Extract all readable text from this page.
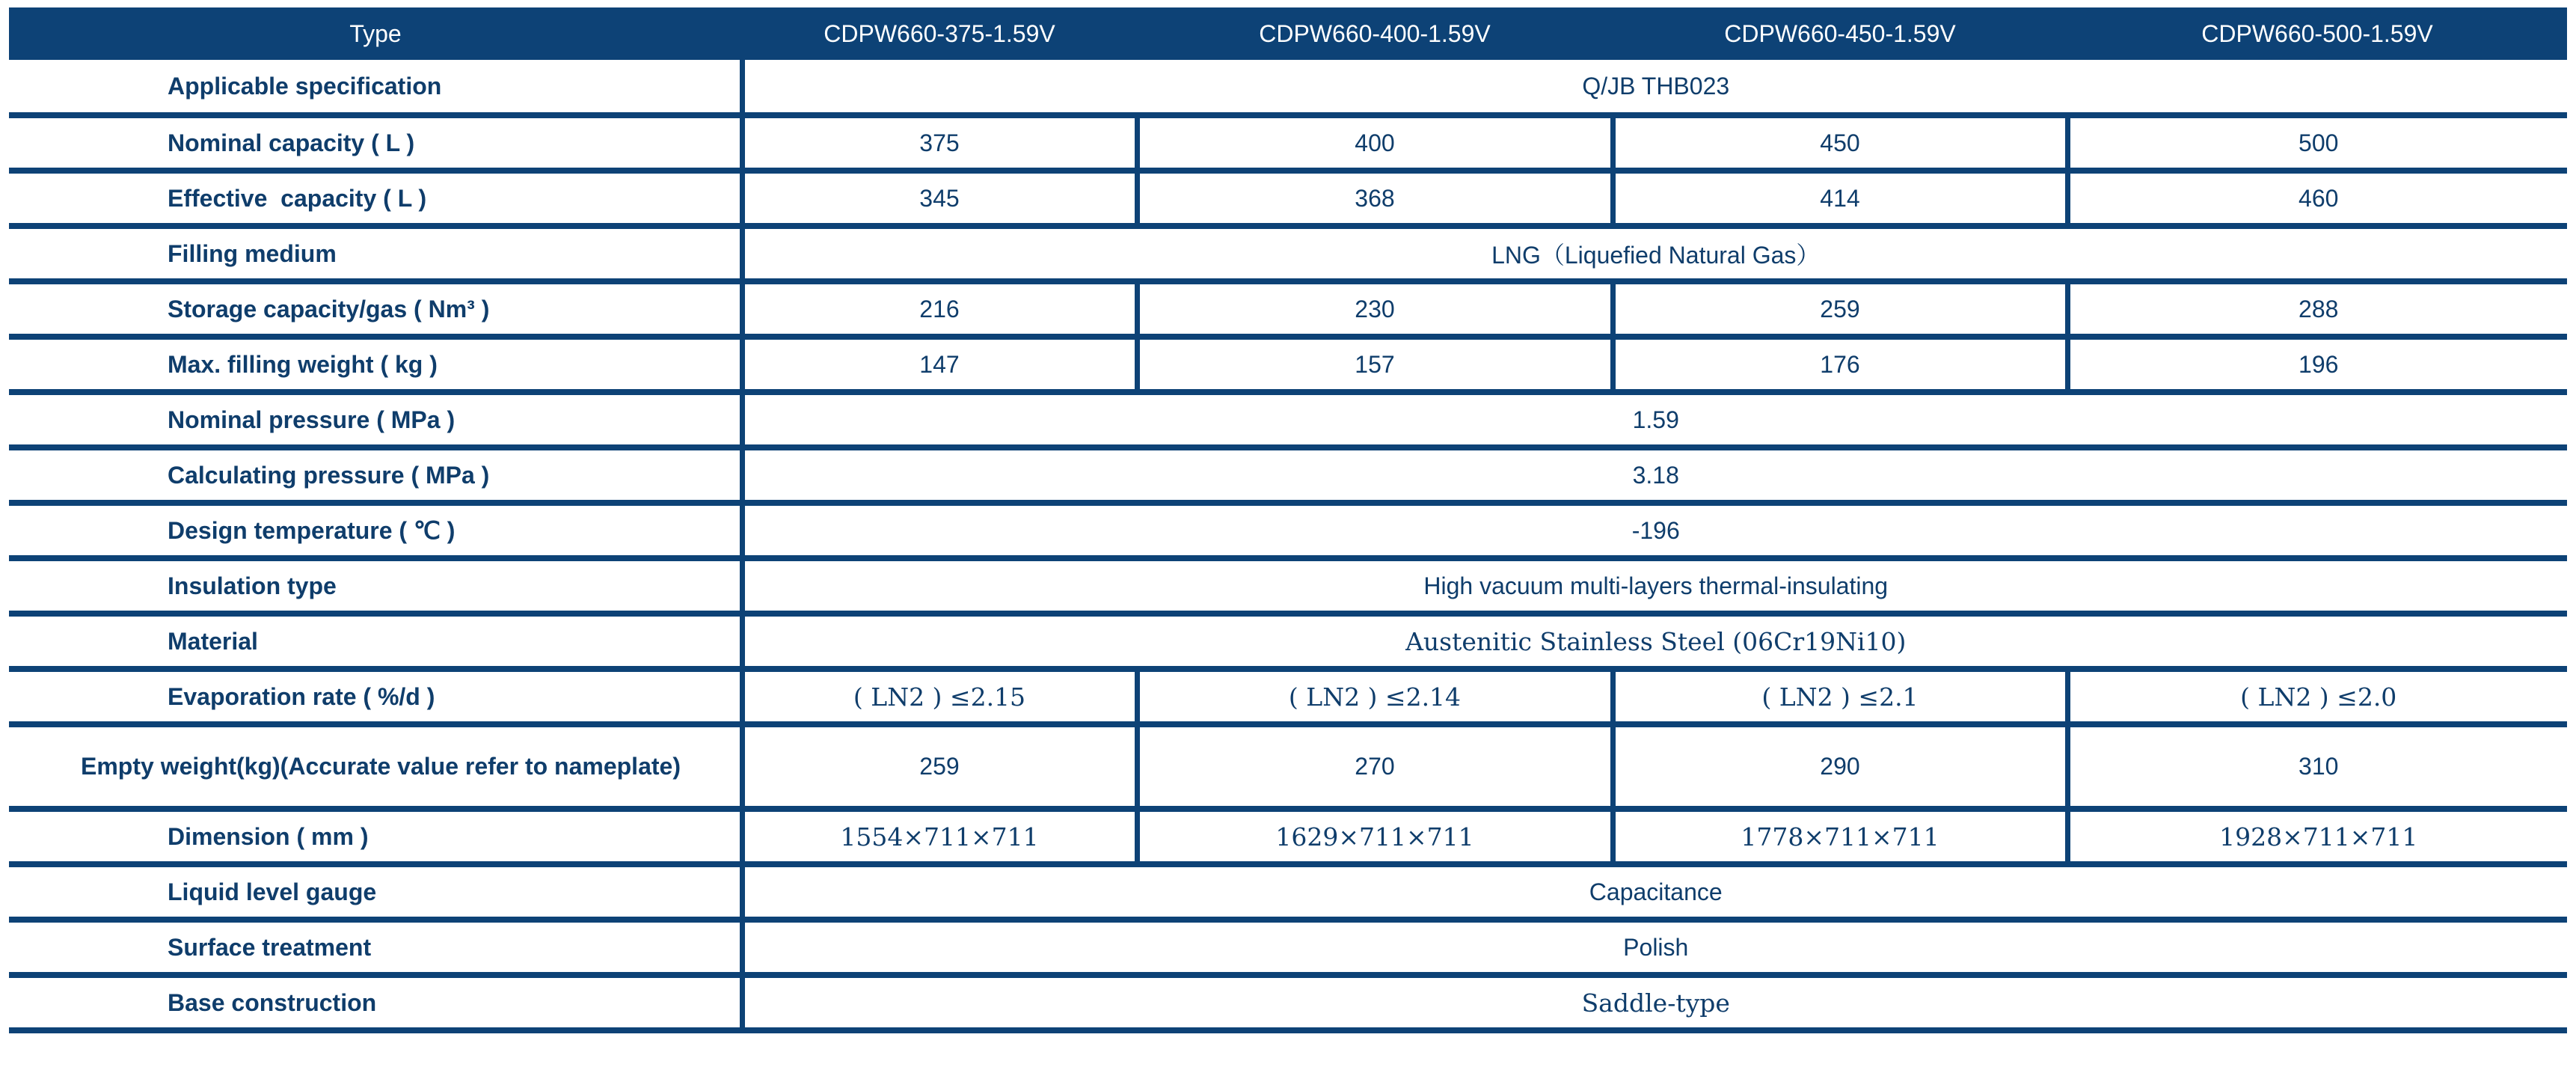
Type	CDPW660-375-1.59V	CDPW660-400-1.59V	CDPW660-450-1.59V	CDPW660-500-1.59V
Applicable specification	Q/JB THB023			
Nominal capacity ( L )	375	400	450	500
Effective  capacity ( L )	345	368	414	460
Filling medium	LNG（Liquefied Natural Gas）			
Storage capacity/gas ( Nm³ )	216	230	259	288
Max. filling weight ( kg )	147	157	176	196
Nominal pressure ( MPa )	1.59			
Calculating pressure ( MPa )	3.18			
Design temperature ( ℃ )	-196			
Insulation type	High vacuum multi-layers thermal-insulating			
Material	Austenitic Stainless Steel (06Cr19Ni10)			
Evaporation rate ( %/d )	( LN2 ) ≤2.15	( LN2 ) ≤2.14	( LN2 ) ≤2.1	( LN2 ) ≤2.0
Empty weight(kg)(Accurate value refer to nameplate)	259	270	290	310
Dimension ( mm )	1554×711×711	1629×711×711	1778×711×711	1928×711×711
Liquid level gauge	Capacitance			
Surface treatment	Polish			
Base construction	Saddle-type			
